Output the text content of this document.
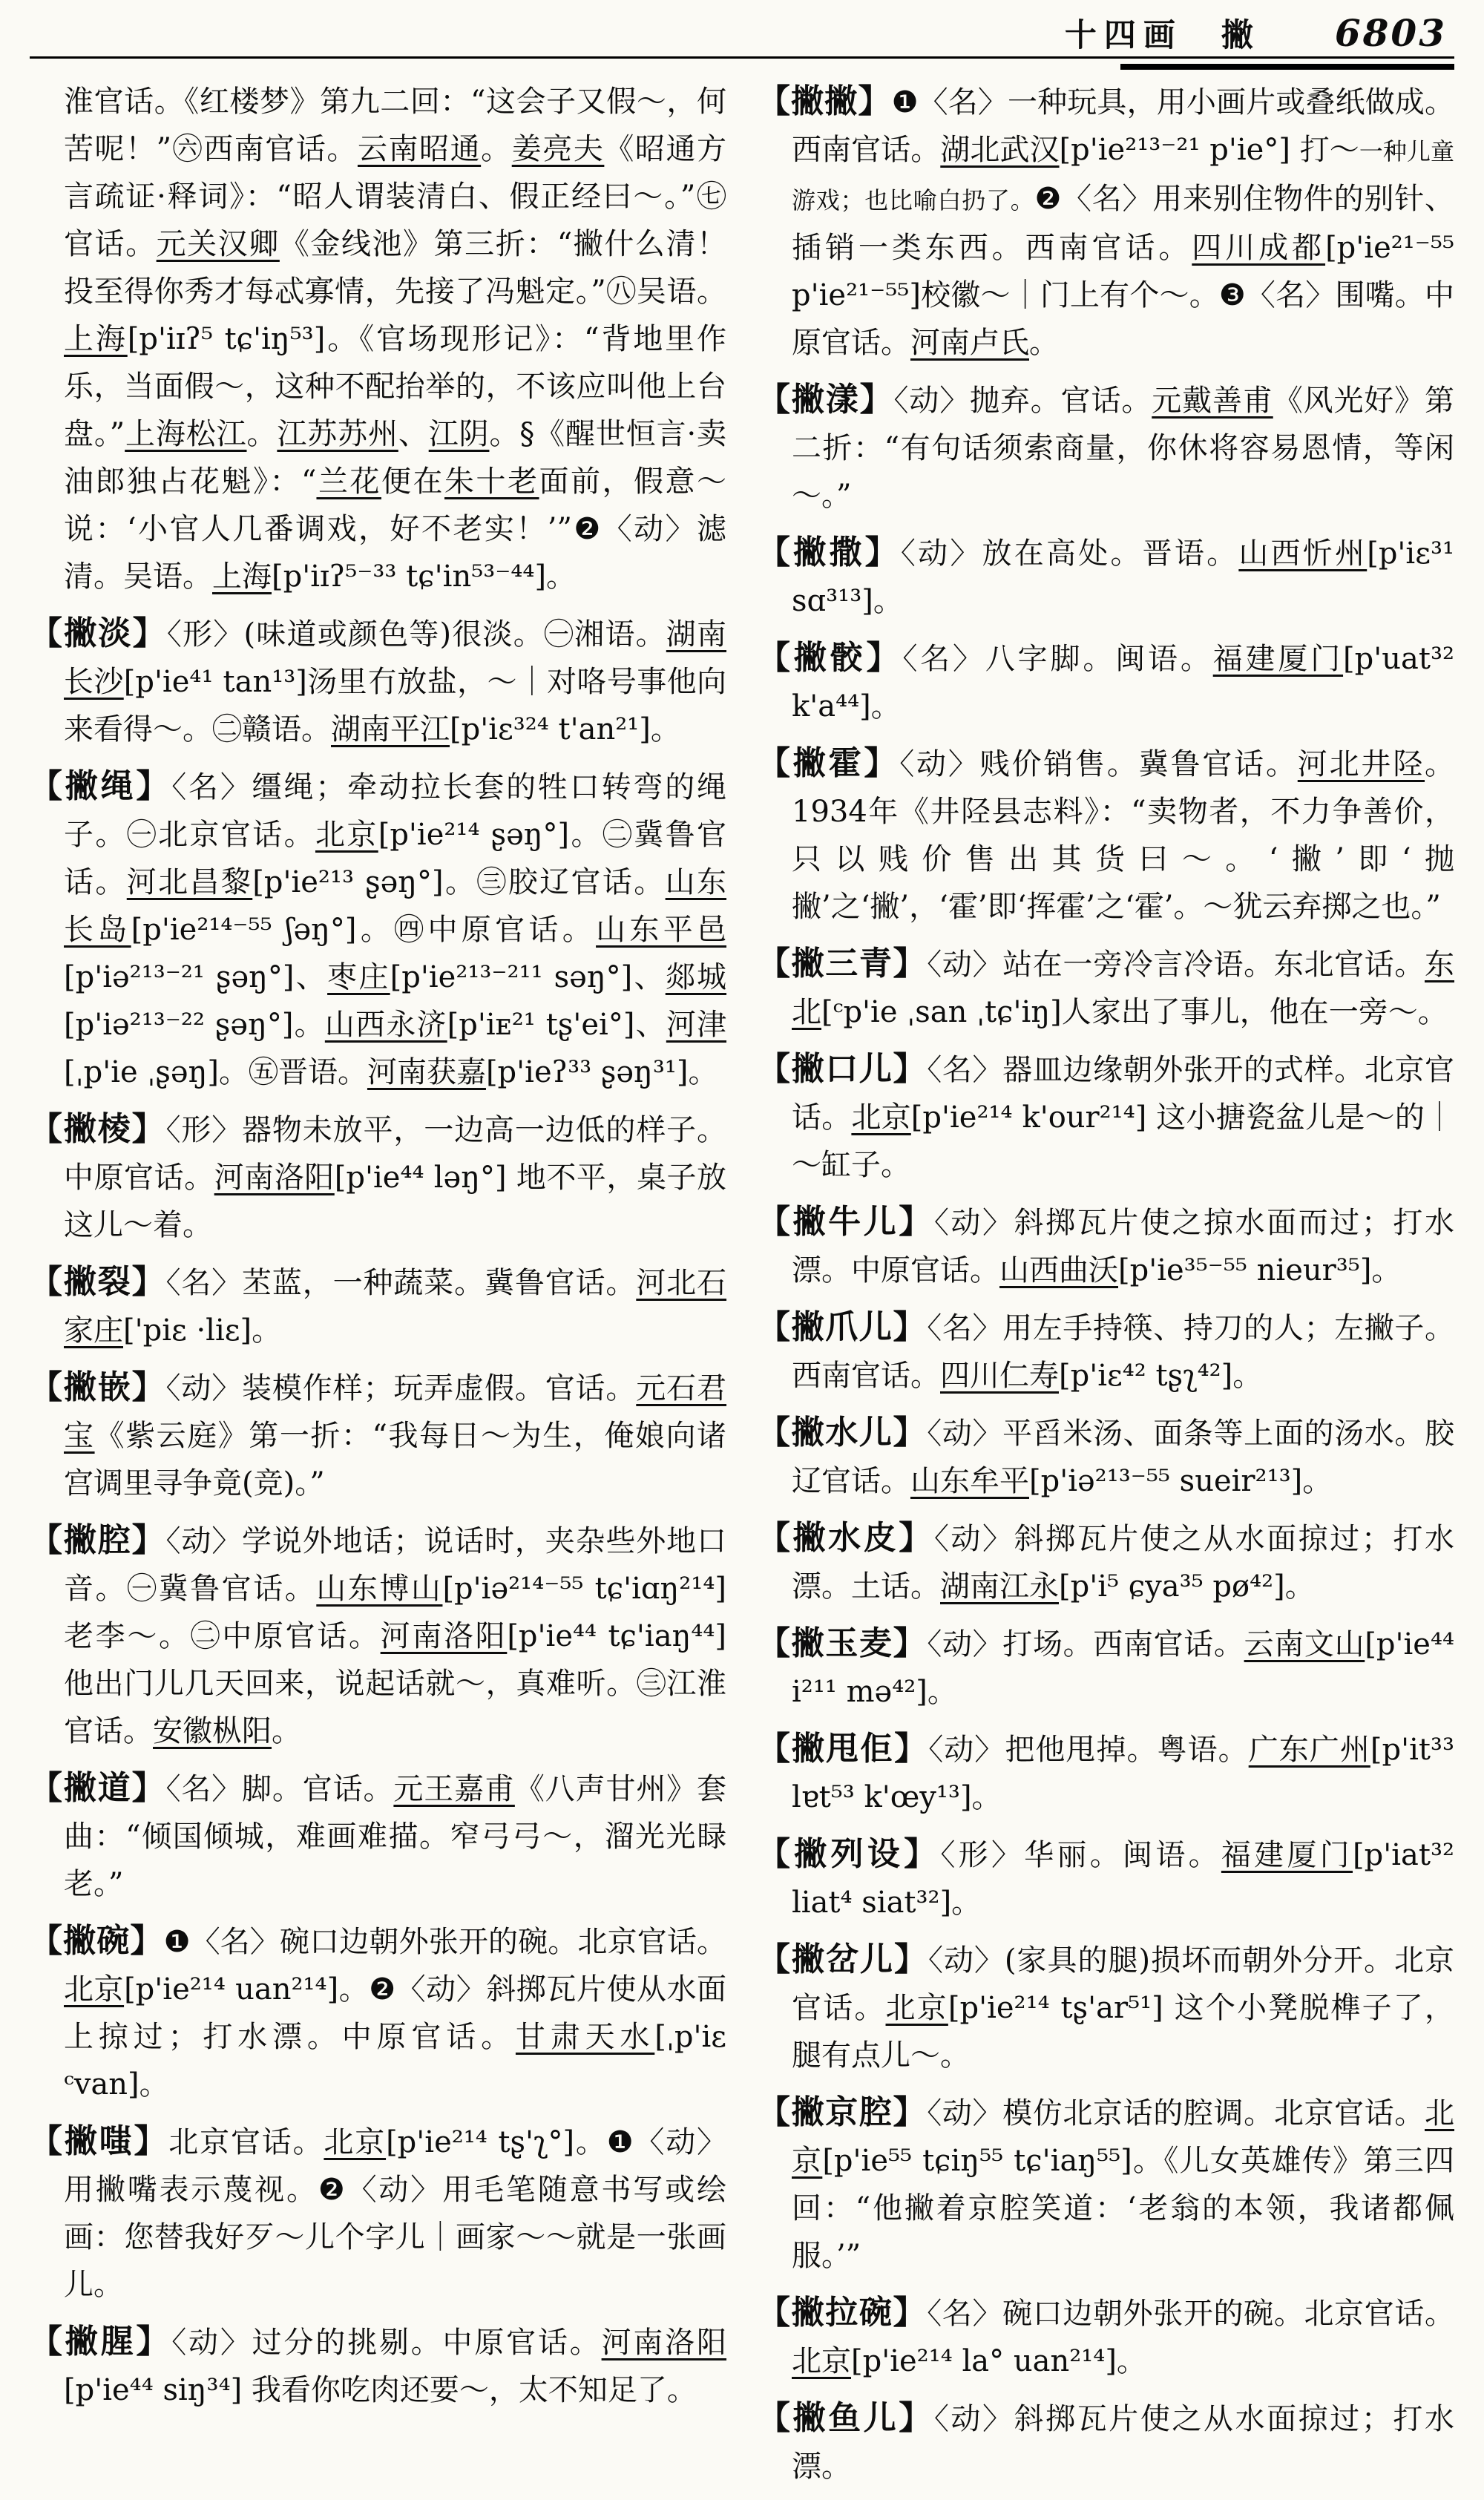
十四画 撇 6803
淮官话。《红楼梦》第九二回：“这会子又假～，何苦呢！”㊅西南官话。云南昭通。姜亮夫《昭通方言疏证·释词》：“昭人谓装清白、假正经曰～。”㊆官话。元关汉卿《金线池》第三折：“撇什么清！投至得你秀才每忒寡情，先接了冯魁定。”㊇吴语。上海[p'iɪʔ⁵ tɕ'iŋ⁵³]。《官场现形记》：“背地里作乐，当面假～，这种不配抬举的，不该应叫他上台盘。”上海松江。江苏苏州、江阴。§《醒世恒言·卖油郎独占花魁》：“兰花便在朱十老面前，假意～说：‘小官人几番调戏，好不老实！’”❷〈动〉滤清。吴语。上海[p'iɪʔ⁵⁻³³ tɕ'in⁵³⁻⁴⁴]。
【撇淡】〈形〉(味道或颜色等)很淡。㊀湘语。湖南长沙[p'ie⁴¹ tan¹³]汤里冇放盐，～｜对咯号事他向来看得～。㊁赣语。湖南平江[p'iɛ³²⁴ t'an²¹]。
【撇绳】〈名〉缰绳；牵动拉长套的牲口转弯的绳子。㊀北京官话。北京[p'ie²¹⁴ ʂəŋ°]。㊁冀鲁官话。河北昌黎[p'ie²¹³ ʂəŋ°]。㊂胶辽官话。山东长岛[p'ie²¹⁴⁻⁵⁵ ʃəŋ°]。㊃中原官话。山东平邑[p'iə²¹³⁻²¹ ʂəŋ°]、枣庄[p'ie²¹³⁻²¹¹ səŋ°]、郯城[p'iə²¹³⁻²² ʂəŋ°]。山西永济[p'iᴇ²¹ tʂ'ei°]、河津[ˌp'ie ˌʂəŋ]。㊄晋语。河南获嘉[p'ieʔ³³ ʂəŋ³¹]。
【撇棱】〈形〉器物未放平，一边高一边低的样子。中原官话。河南洛阳[p'ie⁴⁴ ləŋ°] 地不平，桌子放这儿～着。
【撇裂】〈名〉苤蓝，一种蔬菜。冀鲁官话。河北石家庄['piɛ ·liɛ]。
【撇嵌】〈动〉装模作样；玩弄虚假。官话。元石君宝《紫云庭》第一折：“我每日～为生，俺娘向诸宫调里寻争竟(竞)。”
【撇腔】〈动〉学说外地话；说话时，夹杂些外地口音。㊀冀鲁官话。山东博山[p'iə²¹⁴⁻⁵⁵ tɕ'iɑŋ²¹⁴] 老李～。㊁中原官话。河南洛阳[p'ie⁴⁴ tɕ'iaŋ⁴⁴] 他出门儿几天回来，说起话就～，真难听。㊂江淮官话。安徽枞阳。
【撇道】〈名〉脚。官话。元王嘉甫《八声甘州》套曲：“倾国倾城，难画难描。窄弓弓～，溜光光睩老。”
【撇碗】❶〈名〉碗口边朝外张开的碗。北京官话。北京[p'ie²¹⁴ uan²¹⁴]。❷〈动〉斜掷瓦片使从水面上掠过；打水漂。中原官话。甘肃天水[ˌp'iɛ ᶜvan]。
【撇嗤】北京官话。北京[p'ie²¹⁴ tʂ'ʅ°]。❶〈动〉用撇嘴表示蔑视。❷〈动〉用毛笔随意书写或绘画：您替我好歹～儿个字儿｜画家～～就是一张画儿。
【撇腥】〈动〉过分的挑剔。中原官话。河南洛阳[p'ie⁴⁴ siŋ³⁴] 我看你吃肉还要～，太不知足了。
【撇撇】❶〈名〉一种玩具，用小画片或叠纸做成。西南官话。湖北武汉[p'ie²¹³⁻²¹ p'ie°] 打～一种儿童游戏；也比喻白扔了。❷〈名〉用来别住物件的别针、插销一类东西。西南官话。四川成都[p'ie²¹⁻⁵⁵ p'ie²¹⁻⁵⁵]校徽～｜门上有个～。❸〈名〉围嘴。中原官话。河南卢氏。
【撇漾】〈动〉抛弃。官话。元戴善甫《风光好》第二折：“有句话须索商量，你休将容易恩情，等闲～。”
【撇撒】〈动〉放在高处。晋语。山西忻州[p'iɛ³¹ sɑ³¹³]。
【撇骹】〈名〉八字脚。闽语。福建厦门[p'uat³² k'a⁴⁴]。
【撇霍】〈动〉贱价销售。冀鲁官话。河北井陉。1934年《井陉县志料》：“卖物者，不力争善价，只以贱价售出其货曰～。‘撇’即‘抛撇’之‘撇’，‘霍’即‘挥霍’之‘霍’。～犹云弃掷之也。”
【撇三青】〈动〉站在一旁冷言冷语。东北官话。东北[ᶜp'ie ˌsan ˌtɕ'iŋ]人家出了事儿，他在一旁～。
【撇口儿】〈名〉器皿边缘朝外张开的式样。北京官话。北京[p'ie²¹⁴ k'our²¹⁴] 这小搪瓷盆儿是～的｜～缸子。
【撇牛儿】〈动〉斜掷瓦片使之掠水面而过；打水漂。中原官话。山西曲沃[p'ie³⁵⁻⁵⁵ nieur³⁵]。
【撇爪儿】〈名〉用左手持筷、持刀的人；左撇子。西南官话。四川仁寿[p'iɛ⁴² tʂʅ⁴²]。
【撇水儿】〈动〉平舀米汤、面条等上面的汤水。胶辽官话。山东牟平[p'iə²¹³⁻⁵⁵ sueir²¹³]。
【撇水皮】〈动〉斜掷瓦片使之从水面掠过；打水漂。土话。湖南江永[p'i⁵ ɕya³⁵ pø⁴²]。
【撇玉麦】〈动〉打场。西南官话。云南文山[p'ie⁴⁴ i²¹¹ mə⁴²]。
【撇甩佢】〈动〉把他甩掉。粤语。广东广州[p'it³³ lɐt⁵³ k'œy¹³]。
【撇列设】〈形〉华丽。闽语。福建厦门[p'iat³² liat⁴ siat³²]。
【撇岔儿】〈动〉(家具的腿)损坏而朝外分开。北京官话。北京[p'ie²¹⁴ tʂ'ar⁵¹] 这个小凳脱榫子了，腿有点儿～。
【撇京腔】〈动〉模仿北京话的腔调。北京官话。北京[p'ie⁵⁵ tɕiŋ⁵⁵ tɕ'iaŋ⁵⁵]。《儿女英雄传》第三四回：“他撇着京腔笑道：‘老翁的本领，我诸都佩服。’”
【撇拉碗】〈名〉碗口边朝外张开的碗。北京官话。北京[p'ie²¹⁴ la° uan²¹⁴]。
【撇鱼儿】〈动〉斜掷瓦片使之从水面掠过；打水漂。
